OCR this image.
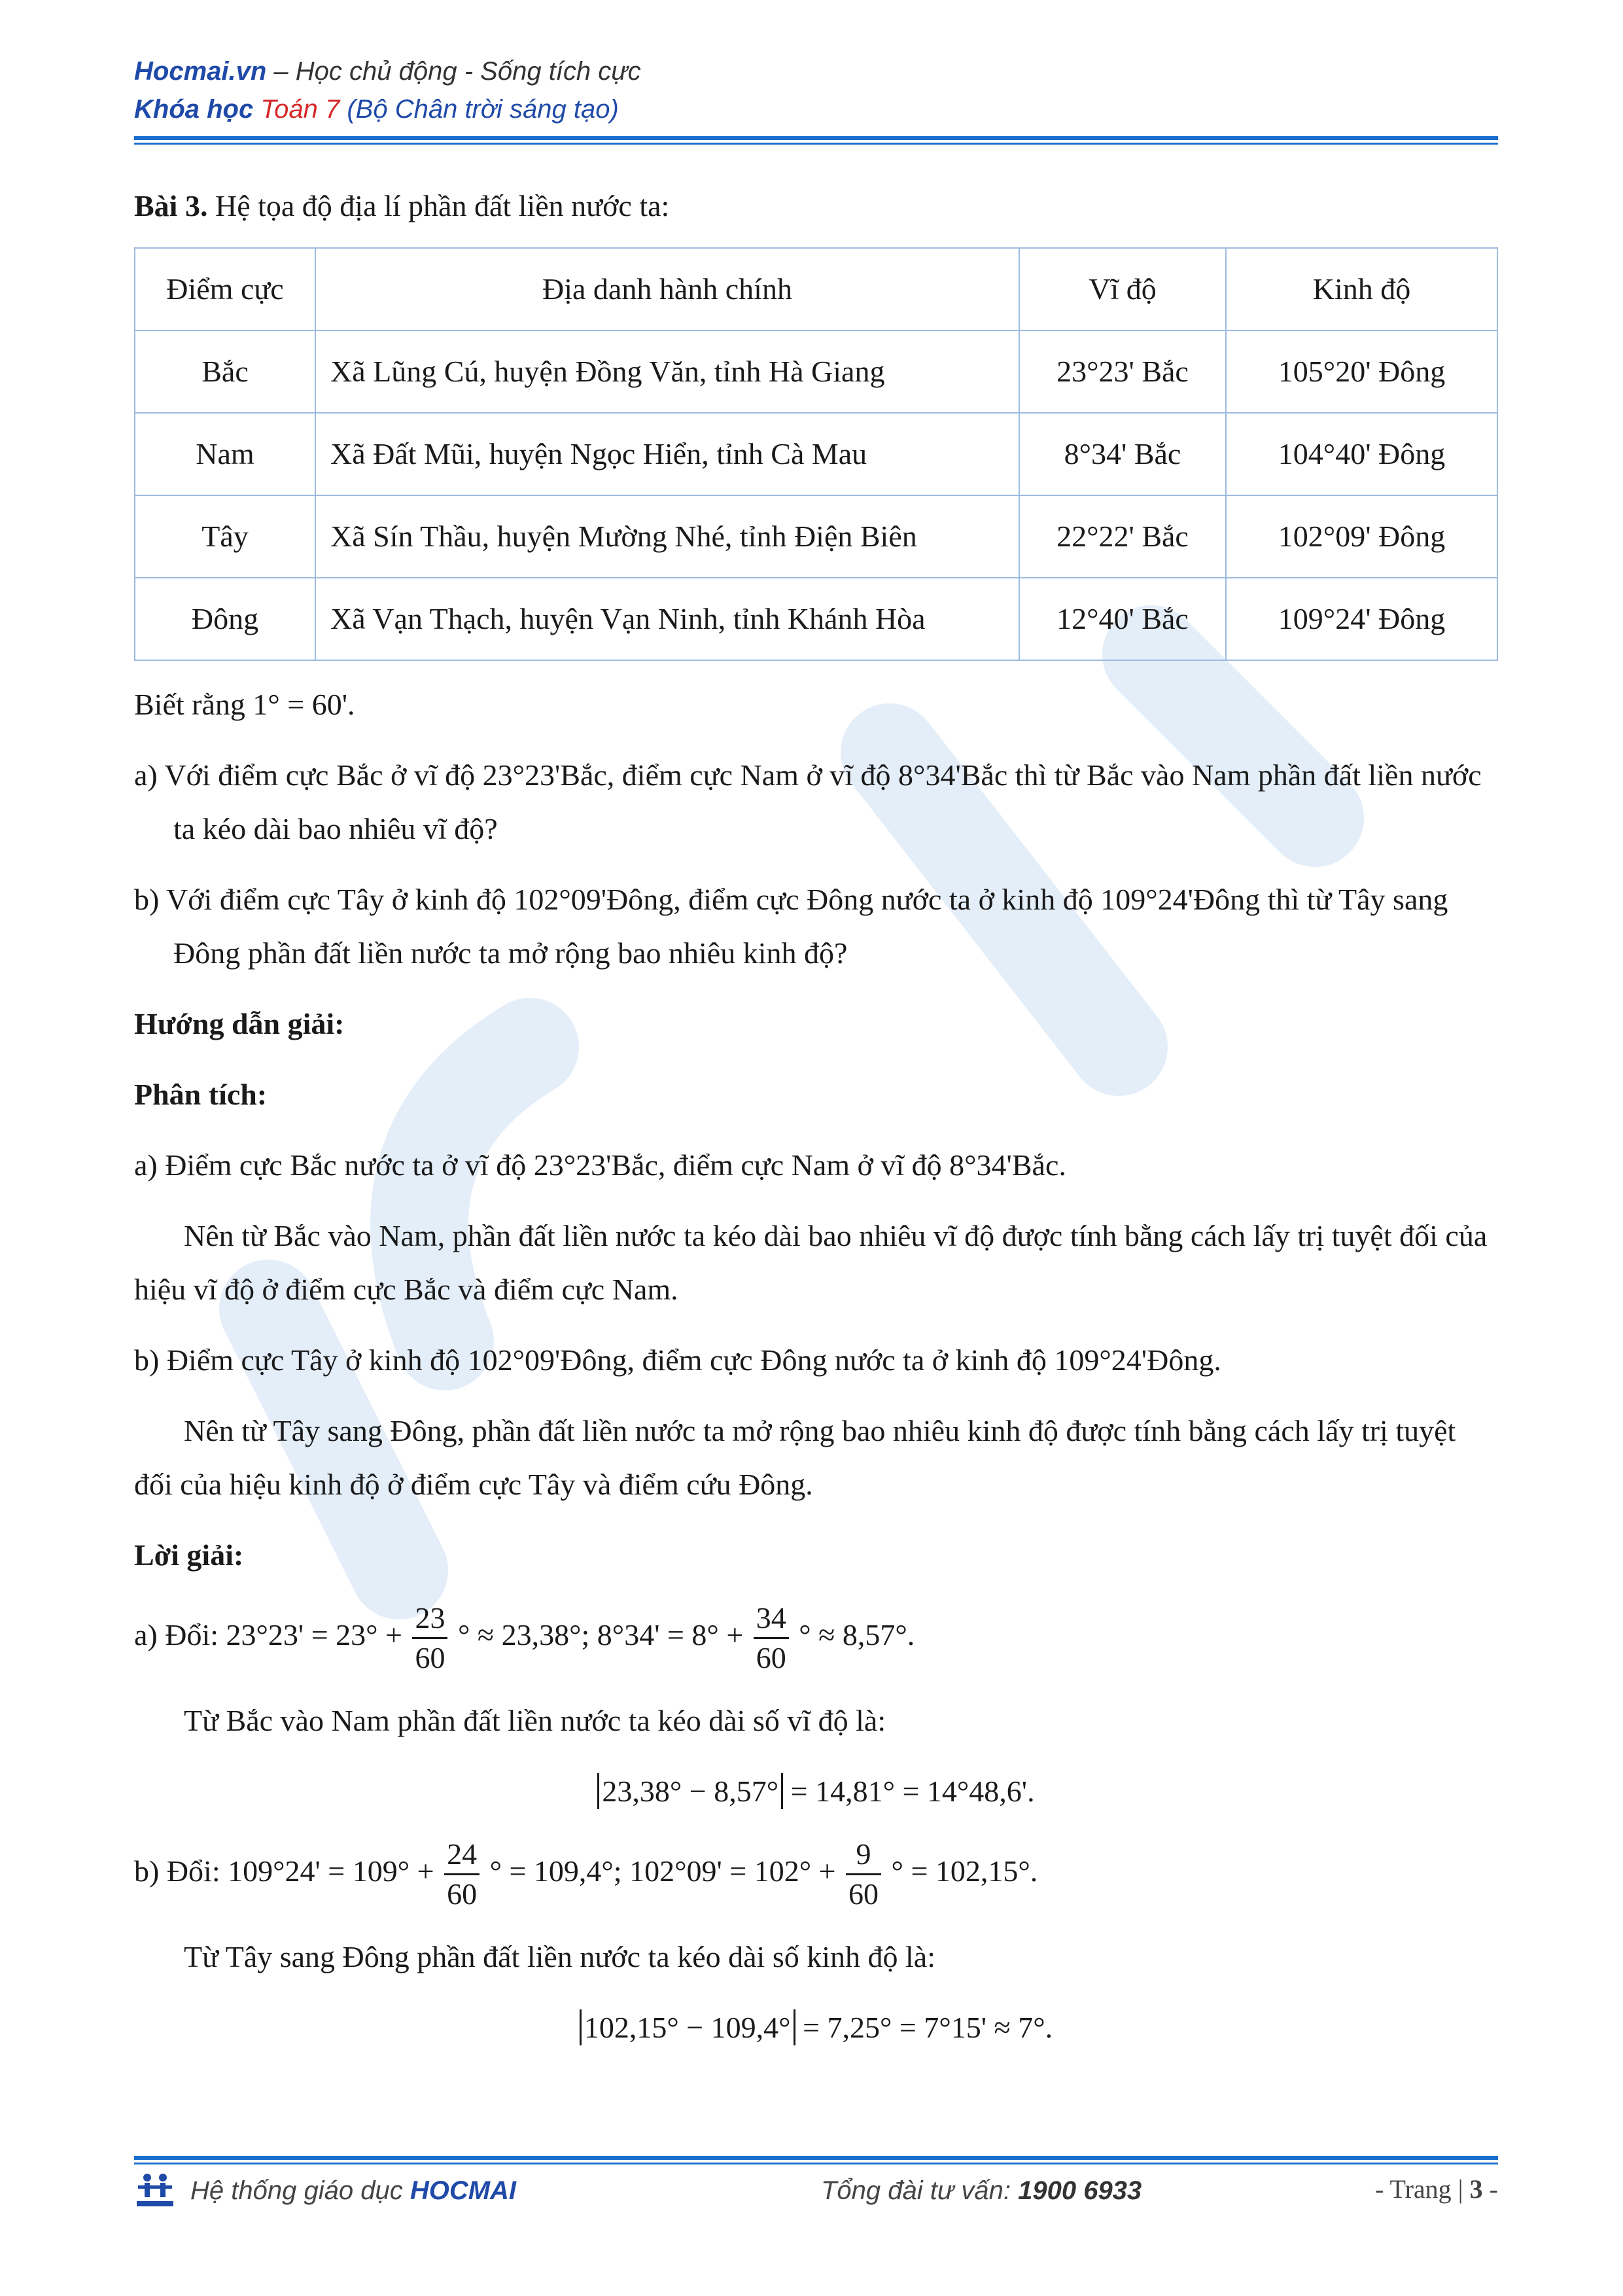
Hocmai.vn – Học chủ động - Sống tích cực
Khóa học Toán 7 (Bộ Chân trời sáng tạo)

Bài 3. Hệ tọa độ địa lí phần đất liền nước ta:

Điểm cực	Địa danh hành chính	Vĩ độ	Kinh độ
Bắc	Xã Lũng Cú, huyện Đồng Văn, tỉnh Hà Giang	23°23' Bắc	105°20' Đông
Nam	Xã Đất Mũi, huyện Ngọc Hiển, tỉnh Cà Mau	8°34' Bắc	104°40' Đông
Tây	Xã Sín Thầu, huyện Mường Nhé, tỉnh Điện Biên	22°22' Bắc	102°09' Đông
Đông	Xã Vạn Thạch, huyện Vạn Ninh, tỉnh Khánh Hòa	12°40' Bắc	109°24' Đông

Biết rằng 1° = 60'.

a) Với điểm cực Bắc ở vĩ độ 23°23'Bắc, điểm cực Nam ở vĩ độ 8°34'Bắc thì từ Bắc vào Nam phần đất liền nước ta kéo dài bao nhiêu vĩ độ?

b) Với điểm cực Tây ở kinh độ 102°09'Đông, điểm cực Đông nước ta ở kinh độ 109°24'Đông thì từ Tây sang Đông phần đất liền nước ta mở rộng bao nhiêu kinh độ?

Hướng dẫn giải:

Phân tích:

a) Điểm cực Bắc nước ta ở vĩ độ 23°23'Bắc, điểm cực Nam ở vĩ độ 8°34'Bắc.

Nên từ Bắc vào Nam, phần đất liền nước ta kéo dài bao nhiêu vĩ độ được tính bằng cách lấy trị tuyệt đối của hiệu vĩ độ ở điểm cực Bắc và điểm cực Nam.

b) Điểm cực Tây ở kinh độ 102°09'Đông, điểm cực Đông nước ta ở kinh độ 109°24'Đông.

Nên từ Tây sang Đông, phần đất liền nước ta mở rộng bao nhiêu kinh độ được tính bằng cách lấy trị tuyệt đối của hiệu kinh độ ở điểm cực Tây và điểm cứu Đông.

Lời giải:

a) Đổi: $23^\circ 23' = 23^\circ + \frac{23}{60}$ ° ≈ 23,38°; $8^\circ 34' = 8^\circ + \frac{34}{60}$ ° ≈ 8,57°.

Từ Bắc vào Nam phần đất liền nước ta kéo dài số vĩ độ là:

23,38° − 8,57° = 14,81° = 14°48,6'.

b) Đổi: $109^\circ 24' = 109^\circ + \frac{24}{60}$ ° = 109,4°; $102^\circ 09' = 102^\circ + \frac{9}{60}$ ° = 102,15°.

Từ Tây sang Đông phần đất liền nước ta kéo dài số kinh độ là:

102,15° − 109,4° = 7,25° = 7°15' ≈ 7°.

Hệ thống giáo dục HOCMAI	Tổng đài tư vấn: 1900 6933	- Trang | 3 -
